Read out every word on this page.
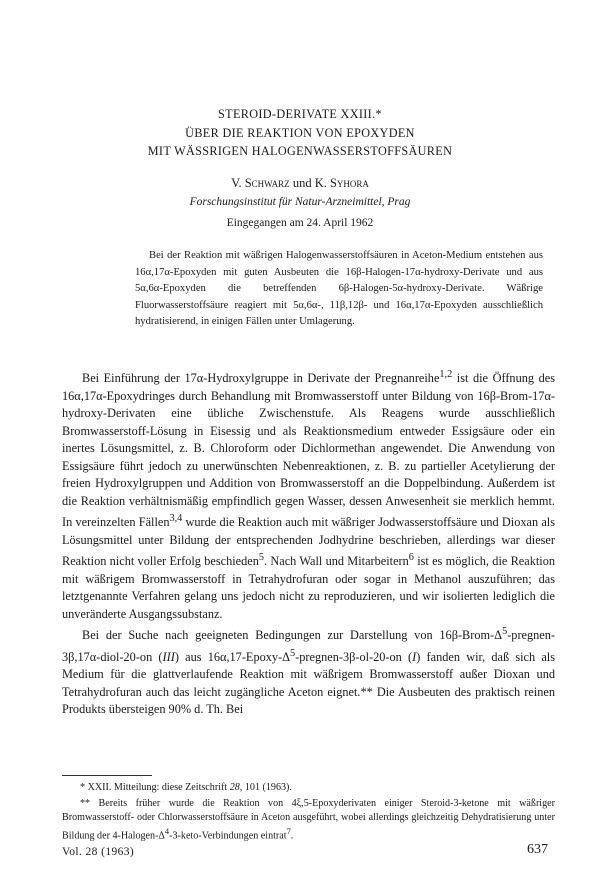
STEROID-DERIVATE XXIII.*
ÜBER DIE REAKTION VON EPOXYDEN
MIT WÄSSRIGEN HALOGENWASSERSTOFFSÄUREN
V. Schwarz und K. Syhora
Forschungsinstitut für Natur-Arzneimittel, Prag
Eingegangen am 24. April 1962

Bei der Reaktion mit wäßrigen Halogenwasserstoffsäuren in Aceton-Medium entstehen aus 16α,17α-Epoxyden mit guten Ausbeuten die 16β-Halogen-17α-hydroxy-Derivate und aus 5α,6α-Epoxyden die betreffenden 6β-Halogen-5α-hydroxy-Derivate. Wäßrige Fluorwasserstoffsäure reagiert mit 5α,6α-, 11β,12β- und 16α,17α-Epoxyden ausschließlich hydratisierend, in einigen Fällen unter Umlagerung.

Bei Einführung der 17α-Hydroxylgruppe in Derivate der Pregnanreihe$^{1,2}$ ist die Öffnung des 16α,17α-Epoxydringes durch Behandlung mit Bromwasserstoff unter Bildung von 16β-Brom-17α-hydroxy-Derivaten eine übliche Zwischenstufe. Als Reagens wurde ausschließlich Bromwasserstoff-Lösung in Eisessig und als Reaktionsmedium entweder Essigsäure oder ein inertes Lösungsmittel, z. B. Chloroform oder Dichlormethan angewendet. Die Anwendung von Essigsäure führt jedoch zu unerwünschten Nebenreaktionen, z. B. zu partieller Acetylierung der freien Hydroxylgruppen und Addition von Bromwasserstoff an die Doppelbindung. Außerdem ist die Reaktion verhältnismäßig empfindlich gegen Wasser, dessen Anwesenheit sie merklich hemmt. In vereinzelten Fällen$^{3,4}$ wurde die Reaktion auch mit wäßriger Jodwasserstoffsäure und Dioxan als Lösungsmittel unter Bildung der entsprechenden Jodhydrine beschrieben, allerdings war dieser Reaktion nicht voller Erfolg beschieden$^5$. Nach Wall und Mitarbeitern$^6$ ist es möglich, die Reaktion mit wäßrigem Bromwasserstoff in Tetrahydrofuran oder sogar in Methanol auszuführen; das letztgenannte Verfahren gelang uns jedoch nicht zu reproduzieren, und wir isolierten lediglich die unveränderte Ausgangssubstanz.

Bei der Suche nach geeigneten Bedingungen zur Darstellung von $16\beta-Brom-\Delta^5-pregnen-3\beta,17\alpha-diol-20-on$ (III) aus $16\alpha,17-Epoxy-\Delta^5-pregnen-3\beta-ol-20-on$ (I) fanden wir, daß sich als Medium für die glattverlaufende Reaktion mit wäßrigem Bromwasserstoff außer Dioxan und Tetrahydrofuran auch das leicht zugängliche Aceton eignet.** Die Ausbeuten des praktisch reinen Produkts übersteigen 90% d. Th. Bei

* XXII. Mitteilung: diese Zeitschrift 28, 101 (1963).

** Bereits früher wurde die Reaktion von 4ξ,5-Epoxyderivaten einiger Steroid-3-ketone mit wäßriger Bromwasserstoff- oder Chlorwasserstoffsäure in Aceton ausgeführt, wobei allerdings gleichzeitig Dehydratisierung unter Bildung der $4-Halogen-\Delta^4-3-keto$-Verbindungen eintrat$^7$.

Vol. 28 (1963)	637
